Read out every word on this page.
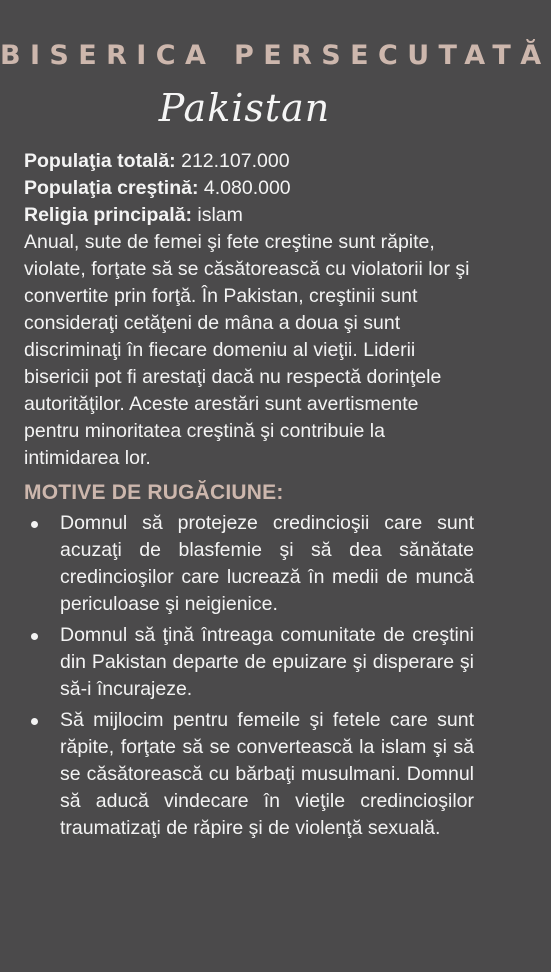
BISERICA PERSECUTATĂ
Pakistan

Populaţia totală: 212.107.000

Populaţia creştină: 4.080.000

Religia principală: islam

Anual, sute de femei şi fete creştine sunt răpite, violate, forţate să se căsătorească cu violatorii lor şi convertite prin forţă. În Pakistan, creştinii sunt consideraţi cetăţeni de mâna a doua şi sunt discriminaţi în fiecare domeniu al vieţii. Liderii bisericii pot fi arestaţi dacă nu respectă dorinţele autorităţilor. Aceste arestări sunt avertismente pentru minoritatea creştină şi contribuie la intimidarea lor.

MOTIVE DE RUGĂCIUNE:
Domnul să protejeze credincioşii care sunt acuzaţi de blasfemie şi să dea sănătate credincioşilor care lucrează în medii de muncă periculoase şi neigienice.
Domnul să ţină întreaga comunitate de creştini din Pakistan departe de epuizare şi disperare şi să-i încurajeze.
Să mijlocim pentru femeile şi fetele care sunt răpite, forţate să se convertească la islam şi să se căsătorească cu bărbaţi musulmani. Domnul să aducă vindecare în vieţile credincioşilor traumatizaţi de răpire şi de violenţă sexuală.
